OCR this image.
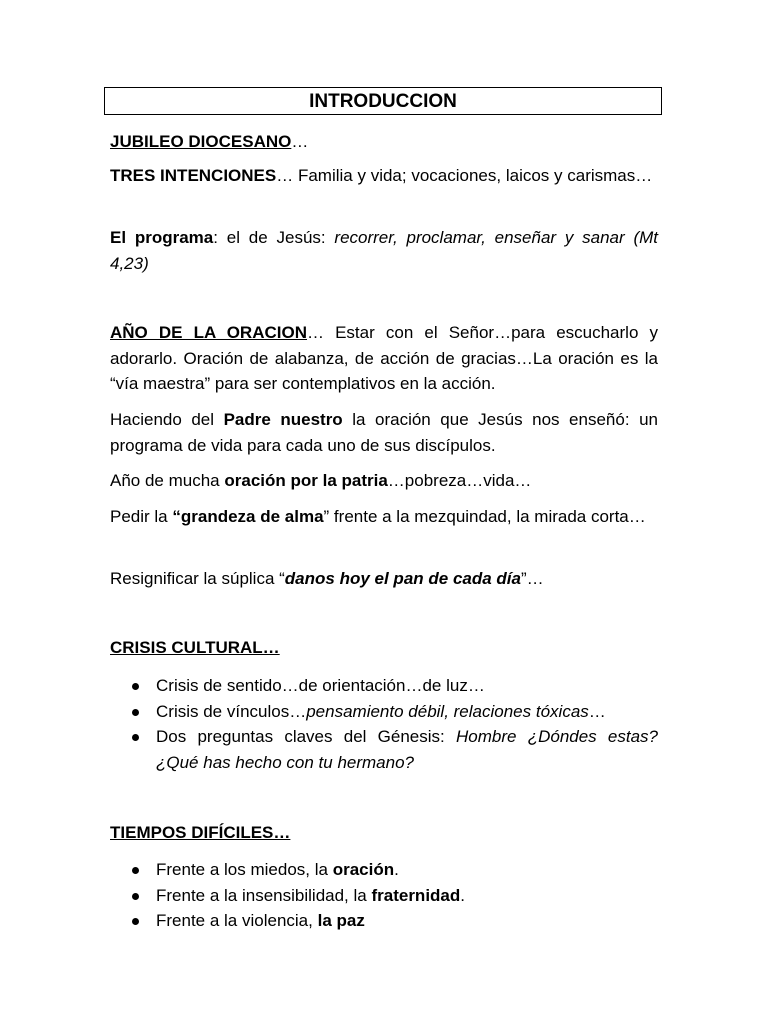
INTRODUCCION

JUBILEO DIOCESANO…

TRES INTENCIONES… Familia y vida; vocaciones, laicos y carismas…

El programa: el de Jesús: recorrer, proclamar, enseñar y sanar (Mt 4,23)

AÑO DE LA ORACION… Estar con el Señor…para escucharlo y adorarlo. Oración de alabanza, de acción de gracias…La oración es la “vía maestra” para ser contemplativos en la acción.

Haciendo del Padre nuestro la oración que Jesús nos enseñó: un programa de vida para cada uno de sus discípulos.

Año de mucha oración por la patria…pobreza…vida…

Pedir la “grandeza de alma” frente a la mezquindad, la mirada corta…

Resignificar la súplica “danos hoy el pan de cada día”…

CRISIS CULTURAL…

Crisis de sentido…de orientación…de luz…
Crisis de vínculos…pensamiento débil, relaciones tóxicas…
Dos preguntas claves del Génesis: Hombre ¿Dóndes estas? ¿Qué has hecho con tu hermano?

TIEMPOS DIFÍCILES…

Frente a los miedos, la oración.
Frente a la insensibilidad, la fraternidad.
Frente a la violencia, la paz
